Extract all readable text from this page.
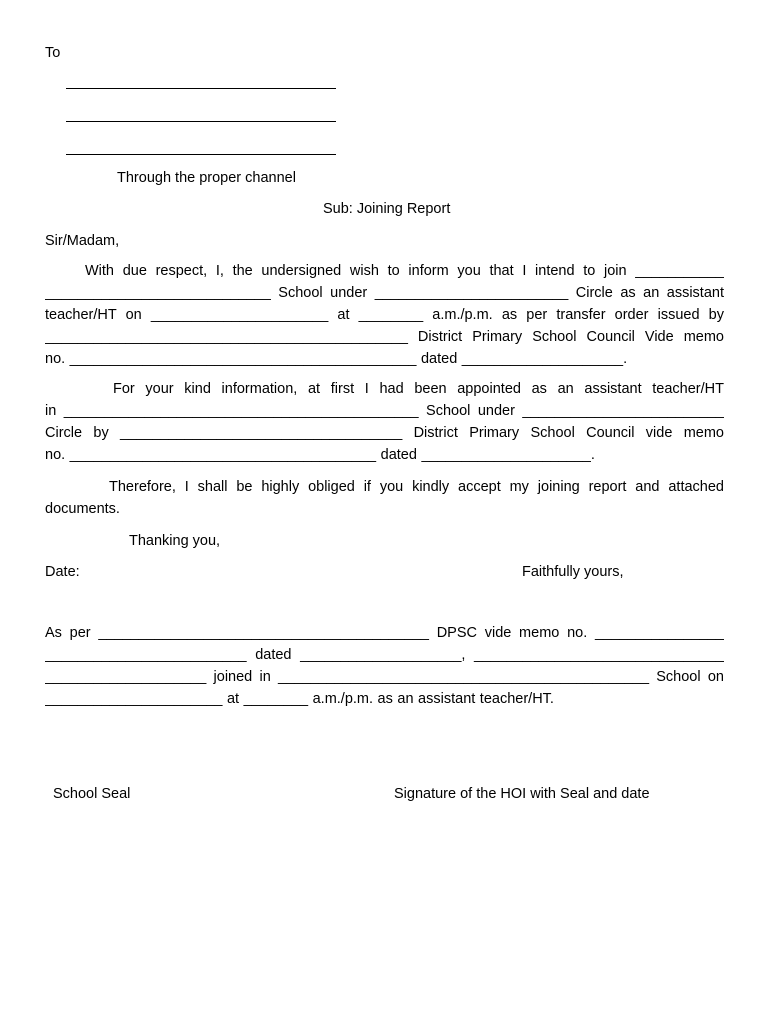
To
Through the proper channel
Sub: Joining Report
Sir/Madam,
With due respect, I, the undersigned wish to inform you that I intend to join ___________
____________________________ School under ________________________ Circle as an assistant
teacher/HT on ______________________ at ________ a.m./p.m. as per transfer order issued by
_____________________________________________ District Primary School Council Vide memo
no. ___________________________________________ dated ____________________.
For your kind information, at first I had been appointed as an assistant teacher/HT
in ____________________________________________ School under _________________________
Circle by ___________________________________ District Primary School Council vide memo
no. ______________________________________ dated _____________________.
Therefore, I shall be highly obliged if you kindly accept my joining report and attached
documents.
Thanking you,
Date:	Faithfully yours,
As per _________________________________________ DPSC vide memo no. ________________
_________________________ dated ____________________, _______________________________
____________________ joined in ______________________________________________ School on
______________________ at ________ a.m./p.m. as an assistant teacher/HT.
School Seal	Signature of the HOI with Seal and date
